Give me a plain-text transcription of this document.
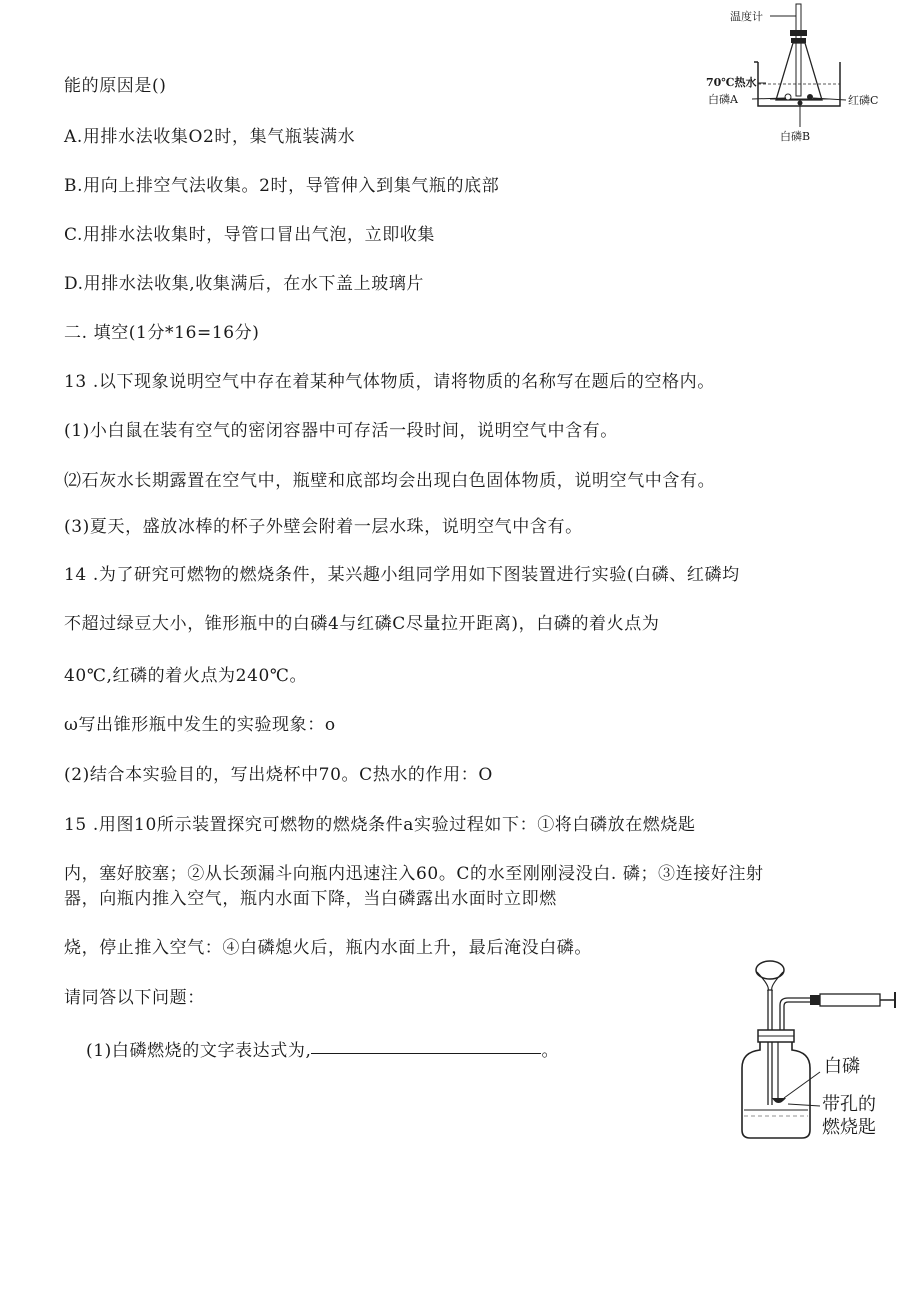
能的原因是()
A.用排水法收集O2时，集气瓶装满水
B.用向上排空气法收集。2时，导管伸入到集气瓶的底部
C.用排水法收集时，导管口冒出气泡，立即收集
D.用排水法收集,收集满后，在水下盖上玻璃片
二. 填空(1分*16=16分)
13 .以下现象说明空气中存在着某种气体物质，请将物质的名称写在题后的空格内。
(1)小白鼠在装有空气的密闭容器中可存活一段时间，说明空气中含有。
⑵石灰水长期露置在空气中，瓶壁和底部均会出现白色固体物质，说明空气中含有。
(3)夏天，盛放冰棒的杯子外壁会附着一层水珠，说明空气中含有。
14 .为了研究可燃物的燃烧条件，某兴趣小组同学用如下图装置进行实验(白磷、红磷均
不超过绿豆大小，锥形瓶中的白磷4与红磷C尽量拉开距离)，白磷的着火点为
40℃,红磷的着火点为240℃。
ω写出锥形瓶中发生的实验现象：o
(2)结合本实验目的，写出烧杯中70。C热水的作用：O
15 .用图10所示装置探究可燃物的燃烧条件a实验过程如下：①将白磷放在燃烧匙
内，塞好胶塞；②从长颈漏斗向瓶内迅速注入60。C的水至刚刚浸没白. 磷；③连接好注射
器，向瓶内推入空气，瓶内水面下降，当白磷露出水面时立即燃
烧，停止推入空气：④白磷熄火后，瓶内水面上升，最后淹没白磷。
请同答以下问题：
(1)白磷燃烧的文字表达式为,	。
温度计
70℃热水
白磷A	红磷C
白磷B
白磷
带孔的
燃烧匙
